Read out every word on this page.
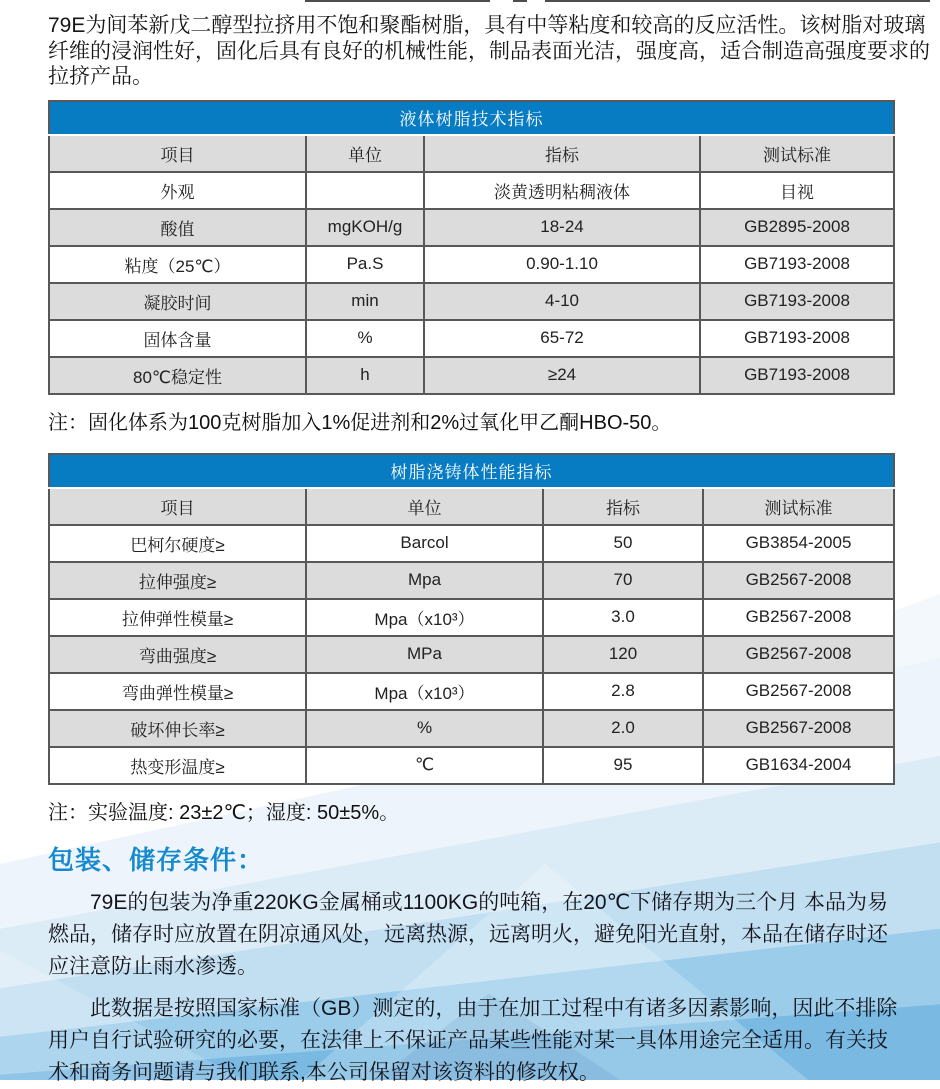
79E为间苯新戊二醇型拉挤用不饱和聚酯树脂，具有中等粘度和较高的反应活性。该树脂对玻璃纤维的浸润性好，固化后具有良好的机械性能，制品表面光洁，强度高，适合制造高强度要求的拉挤产品。

液体树脂技术指标			
项目	单位	指标	测试标准
外观		淡黄透明粘稠液体	目视
酸值	mgKOH/g	18-24	GB2895-2008
粘度（25℃）	Pa.S	0.90-1.10	GB7193-2008
凝胶时间	min	4-10	GB7193-2008
固体含量	%	65-72	GB7193-2008
80℃稳定性	h	≥24	GB7193-2008

注：固化体系为100克树脂加入1%促进剂和2%过氧化甲乙酮HBO-50。

树脂浇铸体性能指标			
项目	单位	指标	测试标准
巴柯尔硬度≥	Barcol	50	GB3854-2005
拉伸强度≥	Mpa	70	GB2567-2008
拉伸弹性模量≥	Mpa（x10³）	3.0	GB2567-2008
弯曲强度≥	MPa	120	GB2567-2008
弯曲弹性模量≥	Mpa（x10³）	2.8	GB2567-2008
破坏伸长率≥	%	2.0	GB2567-2008
热变形温度≥	℃	95	GB1634-2004

注：实验温度: 23±2℃；湿度: 50±5%。

包装、储存条件：

79E的包装为净重220KG金属桶或1100KG的吨箱，在20℃下储存期为三个月 本品为易燃品，储存时应放置在阴凉通风处，远离热源，远离明火，避免阳光直射，本品在储存时还应注意防止雨水渗透。

此数据是按照国家标准（GB）测定的，由于在加工过程中有诸多因素影响，因此不排除用户自行试验研究的必要，在法律上不保证产品某些性能对某一具体用途完全适用。有关技术和商务问题请与我们联系,本公司保留对该资料的修改权。
